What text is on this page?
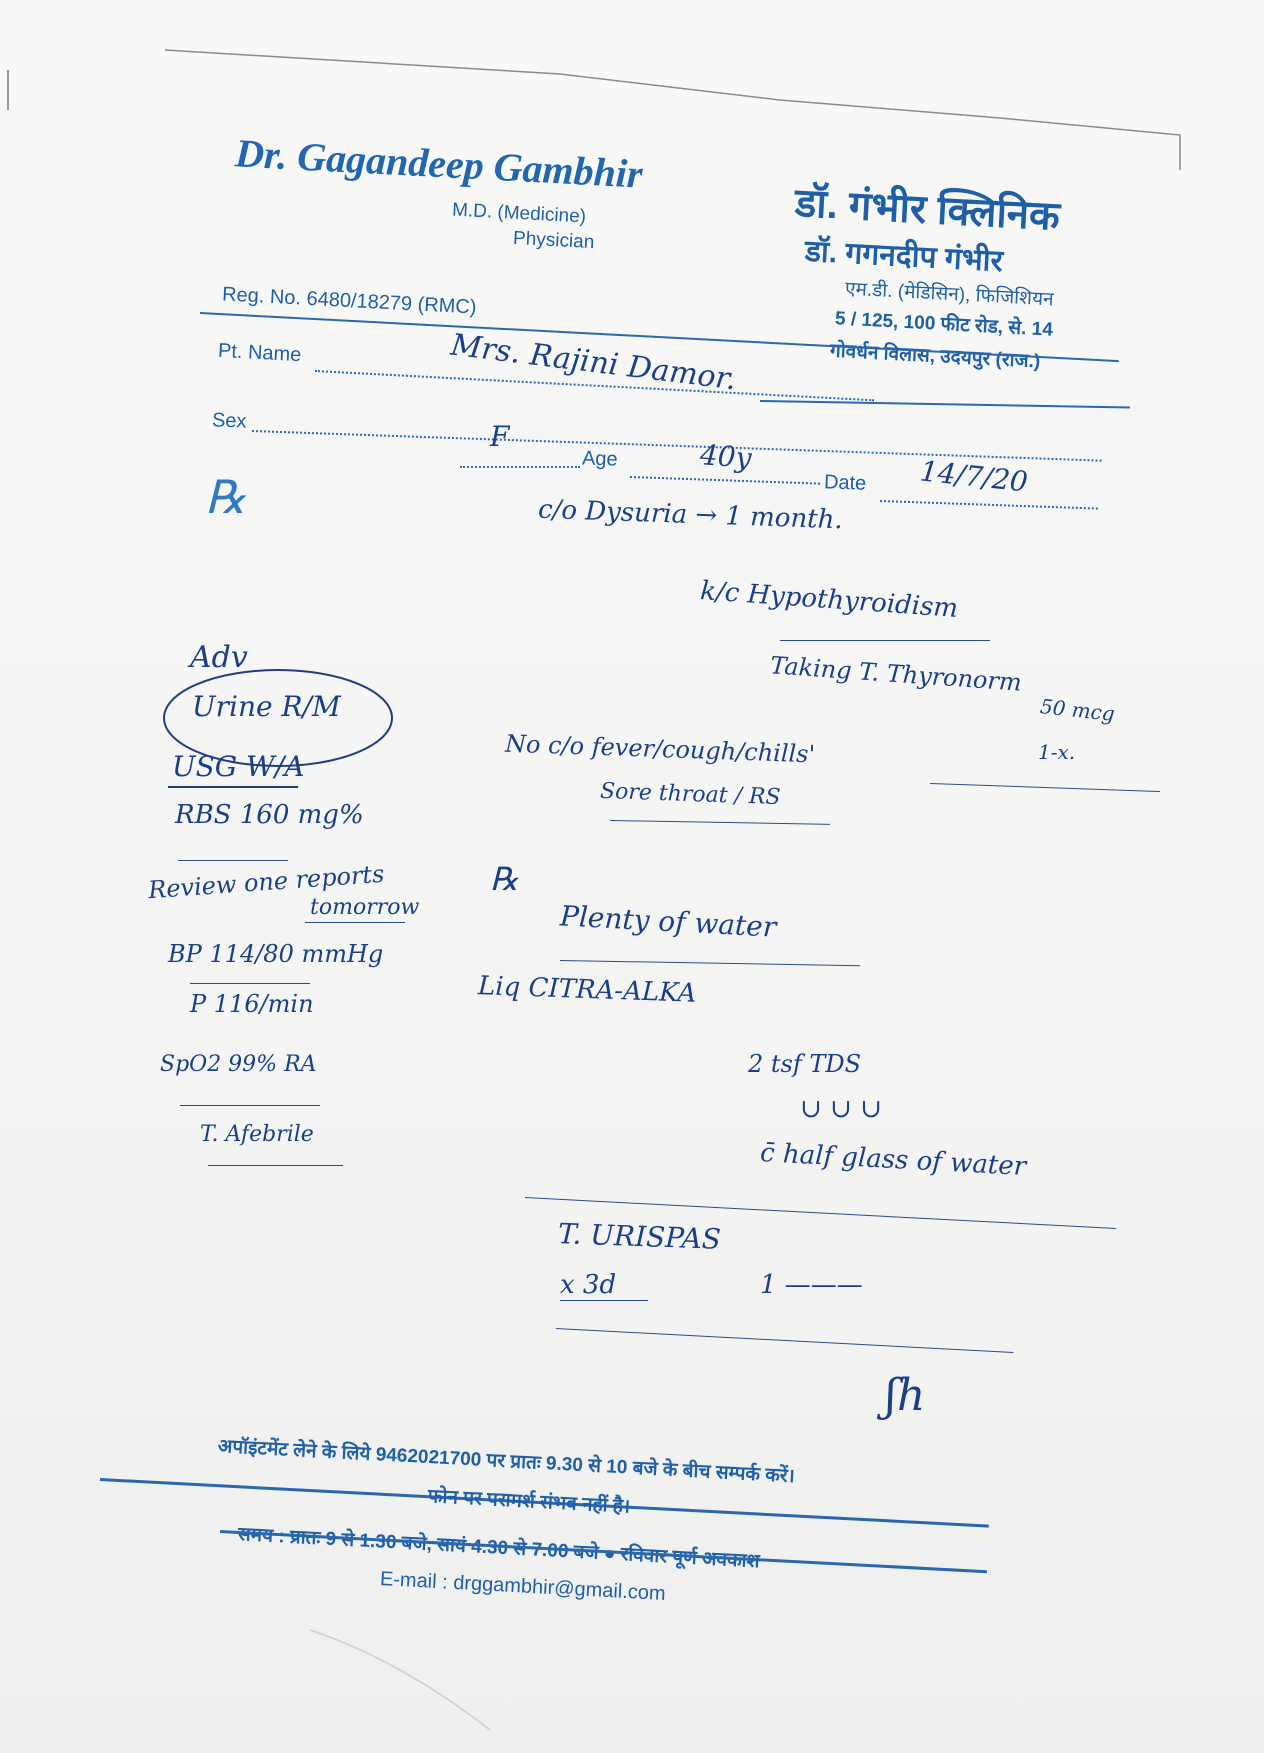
Dr. Gagandeep Gambhir
M.D. (Medicine)
Physician
Reg. No. 6480/18279 (RMC)
डॉ. गंभीर क्लिनिक
डॉ. गगनदीप गंभीर
एम.डी. (मेडिसिन), फिजिशियन
5 / 125, 100 फीट रोड, से. 14
गोवर्धन विलास, उदयपुर (राज.)
Pt. Name	Mrs. Rajini Damor.
Sex	F
Age	40y
Date 14/7/20
℞	c/o Dysuria → 1 month.
k/c Hypothyroidism
Taking T. Thyronorm
50 mcg
1-x.
No c/o fever/cough/chills'
Sore throat / RS
Adv
Urine R/M
USG W/A
RBS 160 mg%
Review one reports
tomorrow
BP 114/80 mmHg
P 116/min
SpO2 99% RA
T. Afebrile
℞
Plenty of water
Liq CITRA-ALKA
2 tsf TDS
∪ ∪ ∪
c̄ half glass of water
T. URISPAS
x 3d	1 ———
ʃh
अपॉइंटमेंट लेने के लिये 9462021700 पर प्रातः 9.30 से 10 बजे के बीच सम्पर्क करें।
फोन पर परामर्श संभव नहीं है।
समय : प्रातः 9 से 1.30 बजे, सायं 4.30 से 7.00 बजे ● रविवार पूर्ण अवकाश
E-mail : drggambhir@gmail.com
